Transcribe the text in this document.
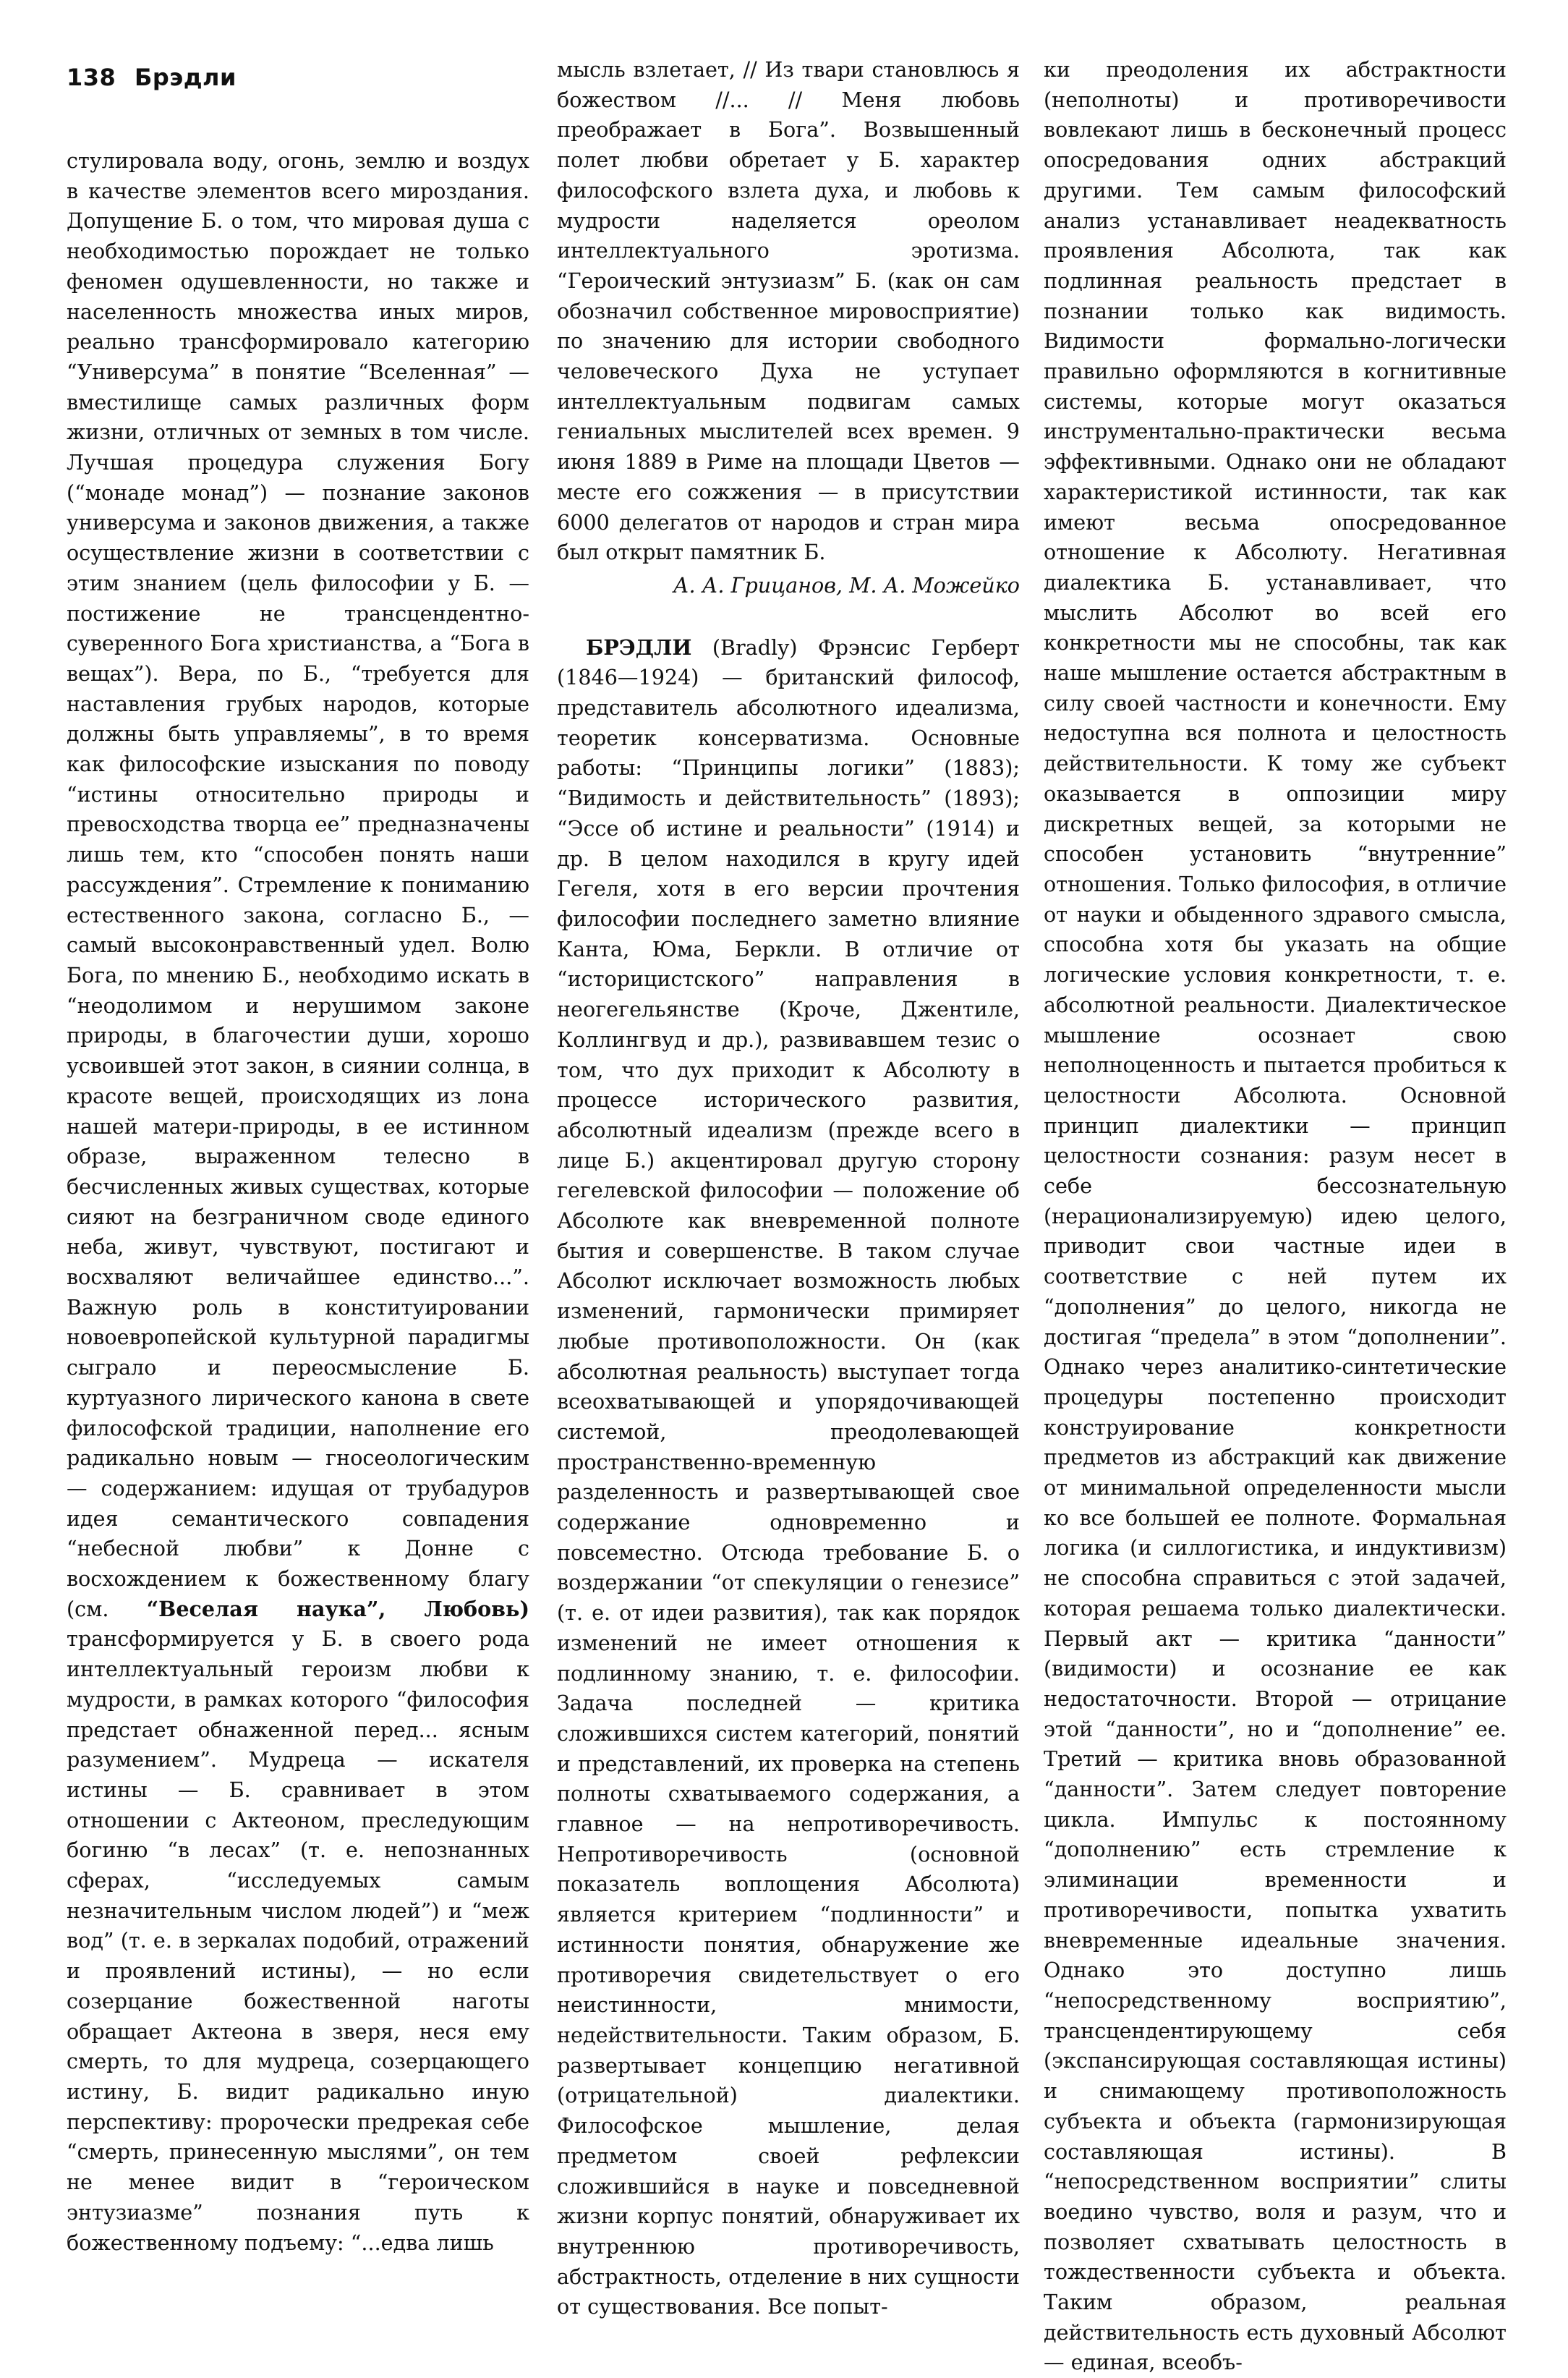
138 Брэдли

стулировала воду, огонь, землю и воздух в качестве элементов всего мироздания. Допущение Б. о том, что мировая душа с необходимостью порождает не только феномен одушевленности, но также и населенность множества иных миров, реально трансформировало категорию “Универсума” в понятие “Вселенная” — вместилище самых различных форм жизни, отличных от земных в том числе. Лучшая процедура служения Богу (“монаде монад”) — познание законов универсума и законов движения, а также осуществление жизни в соответствии с этим знанием (цель философии у Б. — постижение не трансцендентно-суверенного Бога христианства, а “Бога в вещах”). Вера, по Б., “требуется для наставления грубых народов, которые должны быть управляемы”, в то время как философские изыскания по поводу “истины относительно природы и превосходства творца ее” предназначены лишь тем, кто “способен понять наши рассуждения”. Стремление к пониманию естественного закона, согласно Б., — самый высоконравственный удел. Волю Бога, по мнению Б., необходимо искать в “неодолимом и нерушимом законе природы, в благочестии души, хорошо усвоившей этот закон, в сиянии солнца, в красоте вещей, происходящих из лона нашей матери-природы, в ее истинном образе, выраженном телесно в бесчисленных живых существах, которые сияют на безграничном своде единого неба, живут, чувствуют, постигают и восхваляют величайшее единство...”. Важную роль в конституировании новоевропейской культурной парадигмы сыграло и переосмысление Б. куртуазного лирического канона в свете философской традиции, наполнение его радикально новым — гносеологическим — содержанием: идущая от трубадуров идея семантического совпадения “небесной любви” к Донне с восхождением к божественному благу (см. “Веселая наука”, Любовь) трансформируется у Б. в своего рода интеллектуальный героизм любви к мудрости, в рамках которого “философия предстает обнаженной перед... ясным разумением”. Мудреца — искателя истины — Б. сравнивает в этом отношении с Актеоном, преследующим богиню “в лесах” (т. е. непознанных сферах, “исследуемых самым незначительным числом людей”) и “меж вод” (т. е. в зеркалах подобий, отражений и проявлений истины), — но если созерцание божественной наготы обращает Актеона в зверя, неся ему смерть, то для мудреца, созерцающего истину, Б. видит радикально иную перспективу: пророчески предрекая себе “смерть, принесенную мыслями”, он тем не менее видит в “героическом энтузиазме” познания путь к божественному подъему: “...едва лишь

мысль взлетает, // Из твари становлюсь я божеством //... // Меня любовь преображает в Бога”. Возвышенный полет любви обретает у Б. характер философского взлета духа, и любовь к мудрости наделяется ореолом интеллектуального эротизма. “Героический энтузиазм” Б. (как он сам обозначил собственное мировосприятие) по значению для истории свободного человеческого Духа не уступает интеллектуальным подвигам самых гениальных мыслителей всех времен. 9 июня 1889 в Риме на площади Цветов — месте его сожжения — в присутствии 6000 делегатов от народов и стран мира был открыт памятник Б.

А. А. Грицанов, М. А. Можейко

БРЭДЛИ (Bradly) Фрэнсис Герберт (1846—1924) — британский философ, представитель абсолютного идеализма, теоретик консерватизма. Основные работы: “Принципы логики” (1883); “Видимость и действительность” (1893); “Эссе об истине и реальности” (1914) и др. В целом находился в кругу идей Гегеля, хотя в его версии прочтения философии последнего заметно влияние Канта, Юма, Беркли. В отличие от “историцистского” направления в неогегельянстве (Кроче, Джентиле, Коллингвуд и др.), развивавшем тезис о том, что дух приходит к Абсолюту в процессе исторического развития, абсолютный идеализм (прежде всего в лице Б.) акцентировал другую сторону гегелевской философии — положение об Абсолюте как вневременной полноте бытия и совершенстве. В таком случае Абсолют исключает возможность любых изменений, гармонически примиряет любые противоположности. Он (как абсолютная реальность) выступает тогда всеохватывающей и упорядочивающей системой, преодолевающей пространственно-временную разделенность и развертывающей свое содержание одновременно и повсеместно. Отсюда требование Б. о воздержании “от спекуляции о генезисе” (т. е. от идеи развития), так как порядок изменений не имеет отношения к подлинному знанию, т. е. философии. Задача последней — критика сложившихся систем категорий, понятий и представлений, их проверка на степень полноты схватываемого содержания, а главное — на непротиворечивость. Непротиворечивость (основной показатель воплощения Абсолюта) является критерием “подлинности” и истинности понятия, обнаружение же противоречия свидетельствует о его неистинности, мнимости, недействительности. Таким образом, Б. развертывает концепцию негативной (отрицательной) диалектики. Философское мышление, делая предметом своей рефлексии сложившийся в науке и повседневной жизни корпус понятий, обнаруживает их внутреннюю противоречивость, абстрактность, отделение в них сущности от существования. Все попыт-

ки преодоления их абстрактности (неполноты) и противоречивости вовлекают лишь в бесконечный процесс опосредования одних абстракций другими. Тем самым философский анализ устанавливает неадекватность проявления Абсолюта, так как подлинная реальность предстает в познании только как видимость. Видимости формально-логически правильно оформляются в когнитивные системы, которые могут оказаться инструментально-практически весьма эффективными. Однако они не обладают характеристикой истинности, так как имеют весьма опосредованное отношение к Абсолюту. Негативная диалектика Б. устанавливает, что мыслить Абсолют во всей его конкретности мы не способны, так как наше мышление остается абстрактным в силу своей частности и конечности. Ему недоступна вся полнота и целостность действительности. К тому же субъект оказывается в оппозиции миру дискретных вещей, за которыми не способен установить “внутренние” отношения. Только философия, в отличие от науки и обыденного здравого смысла, способна хотя бы указать на общие логические условия конкретности, т. е. абсолютной реальности. Диалектическое мышление осознает свою неполноценность и пытается пробиться к целостности Абсолюта. Основной принцип диалектики — принцип целостности сознания: разум несет в себе бессознательную (нерационализируемую) идею целого, приводит свои частные идеи в соответствие с ней путем их “дополнения” до целого, никогда не достигая “предела” в этом “дополнении”. Однако через аналитико-синтетические процедуры постепенно происходит конструирование конкретности предметов из абстракций как движение от минимальной определенности мысли ко все большей ее полноте. Формальная логика (и силлогистика, и индуктивизм) не способна справиться с этой задачей, которая решаема только диалектически. Первый акт — критика “данности” (видимости) и осознание ее как недостаточности. Второй — отрицание этой “данности”, но и “дополнение” ее. Третий — критика вновь образованной “данности”. Затем следует повторение цикла. Импульс к постоянному “дополнению” есть стремление к элиминации временности и противоречивости, попытка ухватить вневременные идеальные значения. Однако это доступно лишь “непосредственному восприятию”, трансцендентирующему себя (экспансирующая составляющая истины) и снимающему противоположность субъекта и объекта (гармонизирующая составляющая истины). В “непосредственном восприятии” слиты воедино чувство, воля и разум, что и позволяет схватывать целостность в тождественности субъекта и объекта. Таким образом, реальная действительность есть духовный Абсолют — единая, всеобъ-
